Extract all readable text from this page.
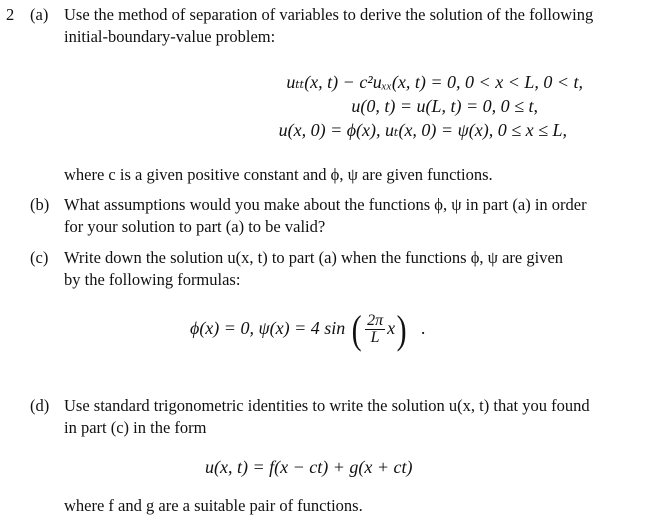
2 (a) Use the method of separation of variables to derive the solution of the following
initial-boundary-value problem:
uₜₜ(x, t) − c²uₓₓ(x, t) = 0, 0 < x < L, 0 < t,
u(0, t) = u(L, t) = 0, 0 ≤ t,
u(x, 0) = ϕ(x), uₜ(x, 0) = ψ(x), 0 ≤ x ≤ L,
where c is a given positive constant and ϕ, ψ are given functions.
(b) What assumptions would you make about the functions ϕ, ψ in part (a) in order
for your solution to part (a) to be valid?
(c) Write down the solution u(x, t) to part (a) when the functions ϕ, ψ are given
by the following formulas:
ϕ(x) = 0, ψ(x) = 4 sin ( $\frac{2\pi}{L} x$) .
(d) Use standard trigonometric identities to write the solution u(x, t) that you found
in part (c) in the form
u(x, t) = f(x − ct) + g(x + ct)
where f and g are a suitable pair of functions.
